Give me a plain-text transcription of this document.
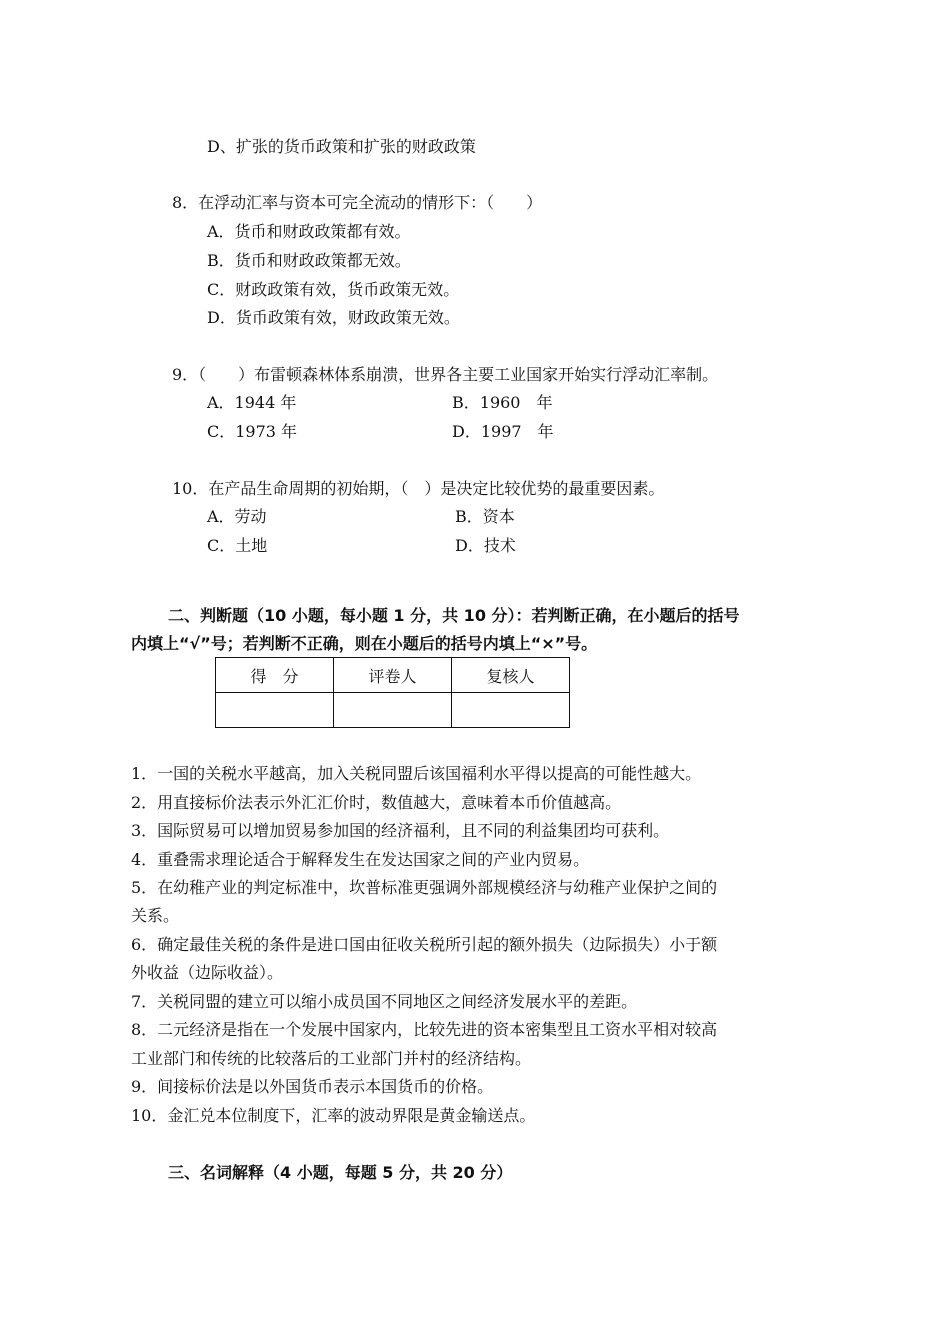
D、扩张的货币政策和扩张的财政政策
8．在浮动汇率与资本可完全流动的情形下：（　　）
A．货币和财政政策都有效。
B．货币和财政政策都无效。
C．财政政策有效，货币政策无效。
D．货币政策有效，财政政策无效。
9．（　　）布雷顿森林体系崩溃，世界各主要工业国家开始实行浮动汇率制。
A．1944 年	B．1960　年
C．1973 年	D．1997　年
10．在产品生命周期的初始期，（　）是决定比较优势的最重要因素。
A．劳动	B．资本
C．土地	D．技术
二、判断题（10 小题，每小题 1 分，共 10 分）：若判断正确，在小题后的括号
内填上“√”号；若判断不正确，则在小题后的括号内填上“×”号。
得　分	评卷人	复核人

1．一国的关税水平越高，加入关税同盟后该国福利水平得以提高的可能性越大。
2．用直接标价法表示外汇汇价时，数值越大，意味着本币价值越高。
3．国际贸易可以增加贸易参加国的经济福利，且不同的利益集团均可获利。
4．重叠需求理论适合于解释发生在发达国家之间的产业内贸易。
5．在幼稚产业的判定标准中，坎普标准更强调外部规模经济与幼稚产业保护之间的
关系。
6．确定最佳关税的条件是进口国由征收关税所引起的额外损失（边际损失）小于额
外收益（边际收益）。
7．关税同盟的建立可以缩小成员国不同地区之间经济发展水平的差距。
8．二元经济是指在一个发展中国家内，比较先进的资本密集型且工资水平相对较高
工业部门和传统的比较落后的工业部门并村的经济结构。
9．间接标价法是以外国货币表示本国货币的价格。
10．金汇兑本位制度下，汇率的波动界限是黄金输送点。
三、名词解释（4 小题，每题 5 分，共 20 分）
